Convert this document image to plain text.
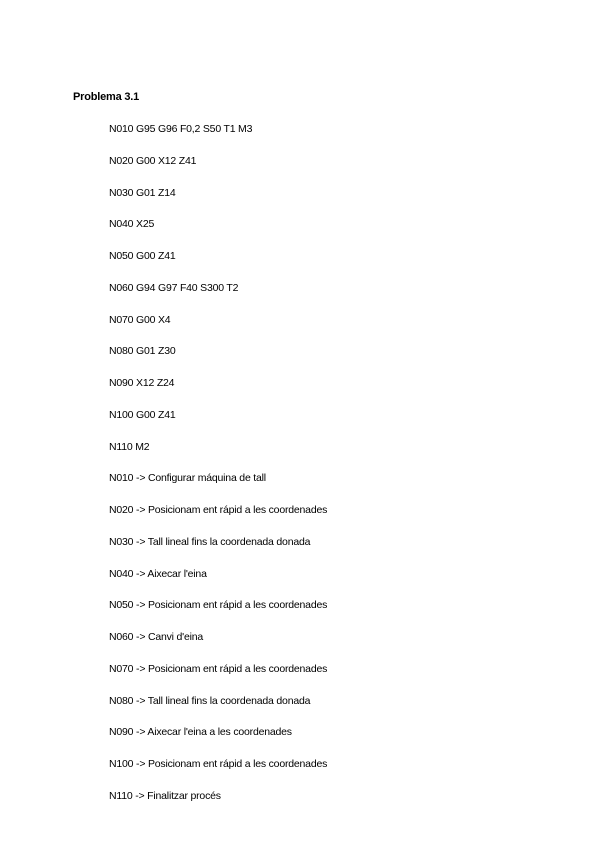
Problema 3.1
N010 G95 G96 F0,2 S50 T1 M3
N020 G00 X12 Z41
N030 G01 Z14
N040 X25
N050 G00 Z41
N060 G94 G97 F40 S300 T2
N070 G00 X4
N080 G01 Z30
N090 X12 Z24
N100 G00 Z41
N110 M2
N010 -> Configurar máquina de tall
N020 -> Posicionam ent rápid a les coordenades
N030 -> Tall lineal fins la coordenada donada
N040 -> Aixecar l'eina
N050 -> Posicionam ent rápid a les coordenades
N060 -> Canvi d'eina
N070 -> Posicionam ent rápid a les coordenades
N080 -> Tall lineal fins la coordenada donada
N090 -> Aixecar l'eina a les coordenades
N100 -> Posicionam ent rápid a les coordenades
N110 -> Finalitzar procés
